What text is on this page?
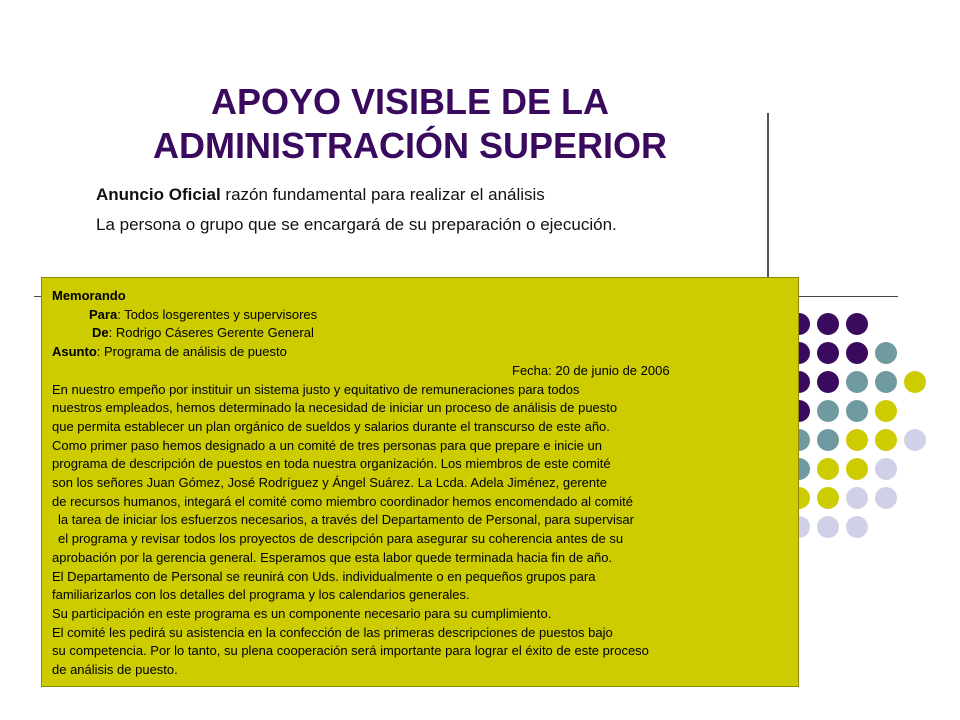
APOYO VISIBLE DE LA
ADMINISTRACIÓN SUPERIOR

Anuncio Oficial razón fundamental para realizar el análisis

La persona o grupo que se encargará de su preparación o ejecución.

Memorando
Para: Todos losgerentes y supervisores
De: Rodrigo Cáseres Gerente General
Asunto: Programa de análisis de puesto
Fecha: 20 de junio de 2006
En nuestro empeño por instituir un sistema justo y equitativo de remuneraciones para todos
nuestros empleados, hemos determinado la necesidad de iniciar un proceso de análisis de puesto
que permita establecer un plan orgánico de sueldos y salarios durante el transcurso de este año.
Como primer paso hemos designado a un comité de tres personas para que prepare e inicie un
programa de descripción de puestos en toda nuestra organización. Los miembros de este comité
son los señores Juan Gómez, José Rodríguez y Ángel Suárez. La Lcda. Adela Jiménez, gerente
de recursos humanos, integará el comité como miembro coordinador hemos encomendado al comité
la tarea de iniciar los esfuerzos necesarios, a través del Departamento de Personal, para supervisar
el programa y revisar todos los proyectos de descripción para asegurar su coherencia antes de su
aprobación por la gerencia general. Esperamos que esta labor quede terminada hacia fin de año.
El Departamento de Personal se reunirá con Uds. individualmente o en pequeños grupos para
familiarizarlos con los detalles del programa y los calendarios generales.
Su participación en este programa es un componente necesario para su cumplimiento.
El comité les pedirá su asistencia en la confección de las primeras descripciones de puestos bajo
su competencia. Por lo tanto, su plena cooperación será importante para lograr el éxito de este proceso
de análisis de puesto.
